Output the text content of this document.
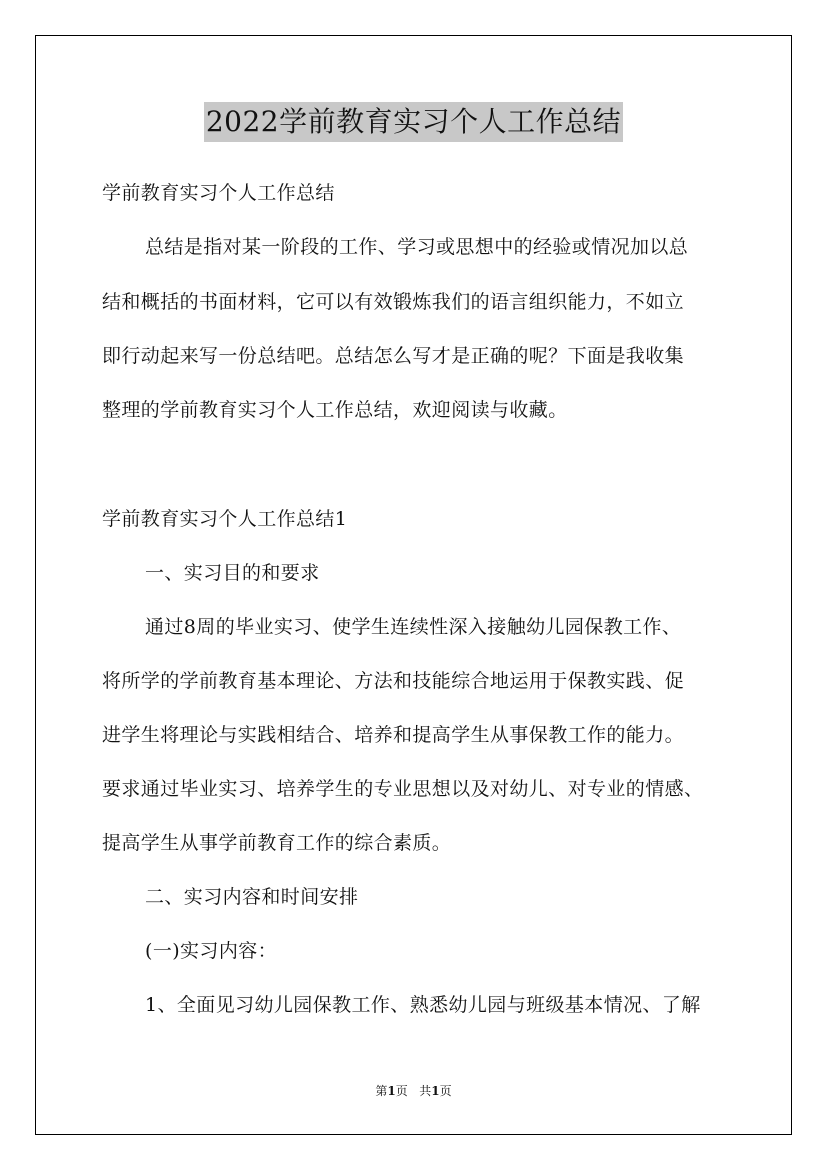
2022学前教育实习个人工作总结
学前教育实习个人工作总结
总结是指对某一阶段的工作、学习或思想中的经验或情况加以总
结和概括的书面材料，它可以有效锻炼我们的语言组织能力，不如立
即行动起来写一份总结吧。总结怎么写才是正确的呢？下面是我收集
整理的学前教育实习个人工作总结，欢迎阅读与收藏。
学前教育实习个人工作总结1
一、实习目的和要求
通过8周的毕业实习、使学生连续性深入接触幼儿园保教工作、
将所学的学前教育基本理论、方法和技能综合地运用于保教实践、促
进学生将理论与实践相结合、培养和提高学生从事保教工作的能力。
要求通过毕业实习、培养学生的专业思想以及对幼儿、对专业的情感、
提高学生从事学前教育工作的综合素质。
二、实习内容和时间安排
(一)实习内容：
1、全面见习幼儿园保教工作、熟悉幼儿园与班级基本情况、了解
第1页 共1页
